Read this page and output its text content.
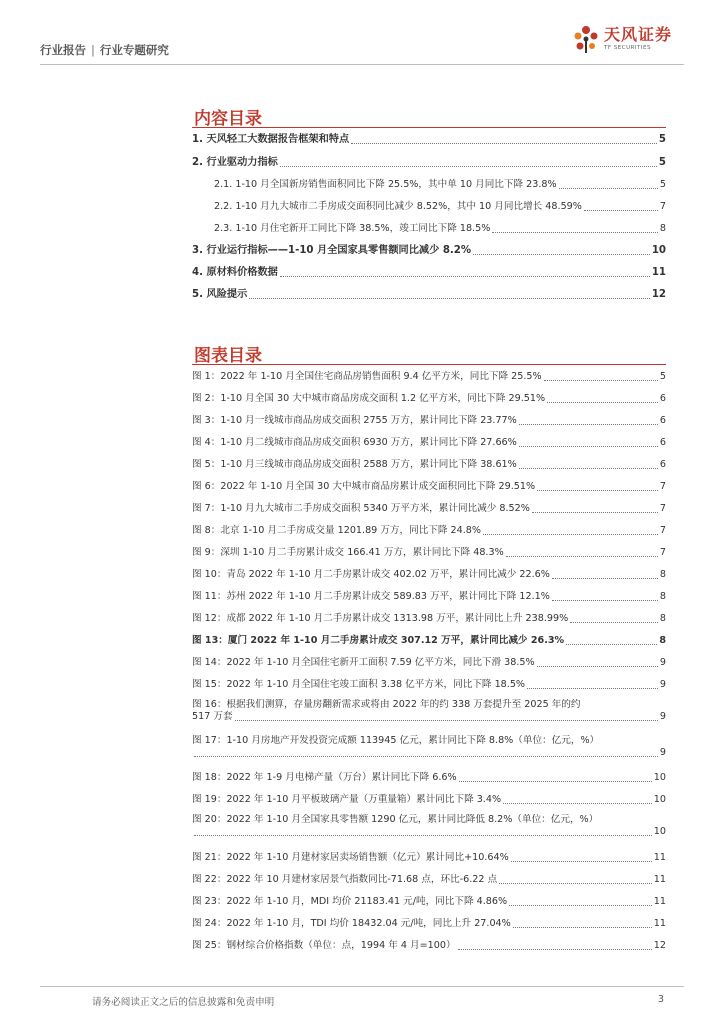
行业报告 | 行业专题研究
天风证券
TF SECURITIES
内容目录
1. 天风轻工大数据报告框架和特点	5
2. 行业驱动力指标	5
2.1. 1-10 月全国新房销售面积同比下降 25.5%，其中单 10 月同比下降 23.8%	5
2.2. 1-10 月九大城市二手房成交面积同比减少 8.52%，其中 10 月同比增长 48.59%	7
2.3. 1-10 月住宅新开工同比下降 38.5%，竣工同比下降 18.5%	8
3. 行业运行指标——1-10 月全国家具零售额同比减少 8.2%	10
4. 原材料价格数据	11
5. 风险提示	12
图表目录
图 1：2022 年 1-10 月全国住宅商品房销售面积 9.4 亿平方米，同比下降 25.5%	5
图 2：1-10 月全国 30 大中城市商品房成交面积 1.2 亿平方米，同比下降 29.51%	6
图 3：1-10 月一线城市商品房成交面积 2755 万方，累计同比下降 23.77%	6
图 4：1-10 月二线城市商品房成交面积 6930 万方，累计同比下降 27.66%	6
图 5：1-10 月三线城市商品房成交面积 2588 万方，累计同比下降 38.61%	6
图 6：2022 年 1-10 月全国 30 大中城市商品房累计成交面积同比下降 29.51%	7
图 7：1-10 月九大城市二手房成交面积 5340 万平方米，累计同比减少 8.52%	7
图 8：北京 1-10 月二手房成交量 1201.89 万方，同比下降 24.8%	7
图 9：深圳 1-10 月二手房累计成交 166.41 万方，累计同比下降 48.3%	7
图 10：青岛 2022 年 1-10 月二手房累计成交 402.02 万平，累计同比减少 22.6%	8
图 11：苏州 2022 年 1-10 月二手房累计成交 589.83 万平，累计同比下降 12.1%	8
图 12：成都 2022 年 1-10 月二手房累计成交 1313.98 万平，累计同比上升 238.99%	8
图 13：厦门 2022 年 1-10 月二手房累计成交 307.12 万平，累计同比减少 26.3%	8
图 14：2022 年 1-10 月全国住宅新开工面积 7.59 亿平方米，同比下滑 38.5%	9
图 15：2022 年 1-10 月全国住宅竣工面积 3.38 亿平方米，同比下降 18.5%	9
图 16：根据我们测算，存量房翻新需求或将由 2022 年的约 338 万套提升至 2025 年的约
517 万套	9
图 17：1-10 月房地产开发投资完成额 113945 亿元，累计同比下降 8.8%（单位：亿元，%）
9
图 18：2022 年 1-9 月电梯产量（万台）累计同比下降 6.6%	10
图 19：2022 年 1-10 月平板玻璃产量（万重量箱）累计同比下降 3.4%	10
图 20：2022 年 1-10 月全国家具零售额 1290 亿元，累计同比降低 8.2%（单位：亿元，%）
10
图 21：2022 年 1-10 月建材家居卖场销售额（亿元）累计同比+10.64%	11
图 22：2022 年 10 月建材家居景气指数同比-71.68 点，环比-6.22 点	11
图 23：2022 年 1-10 月，MDI 均价 21183.41 元/吨，同比下降 4.86%	11
图 24：2022 年 1-10 月，TDI 均价 18432.04 元/吨，同比上升 27.04%	11
图 25：钢材综合价格指数（单位：点，1994 年 4 月=100）	12
请务必阅读正文之后的信息披露和免责申明	3
